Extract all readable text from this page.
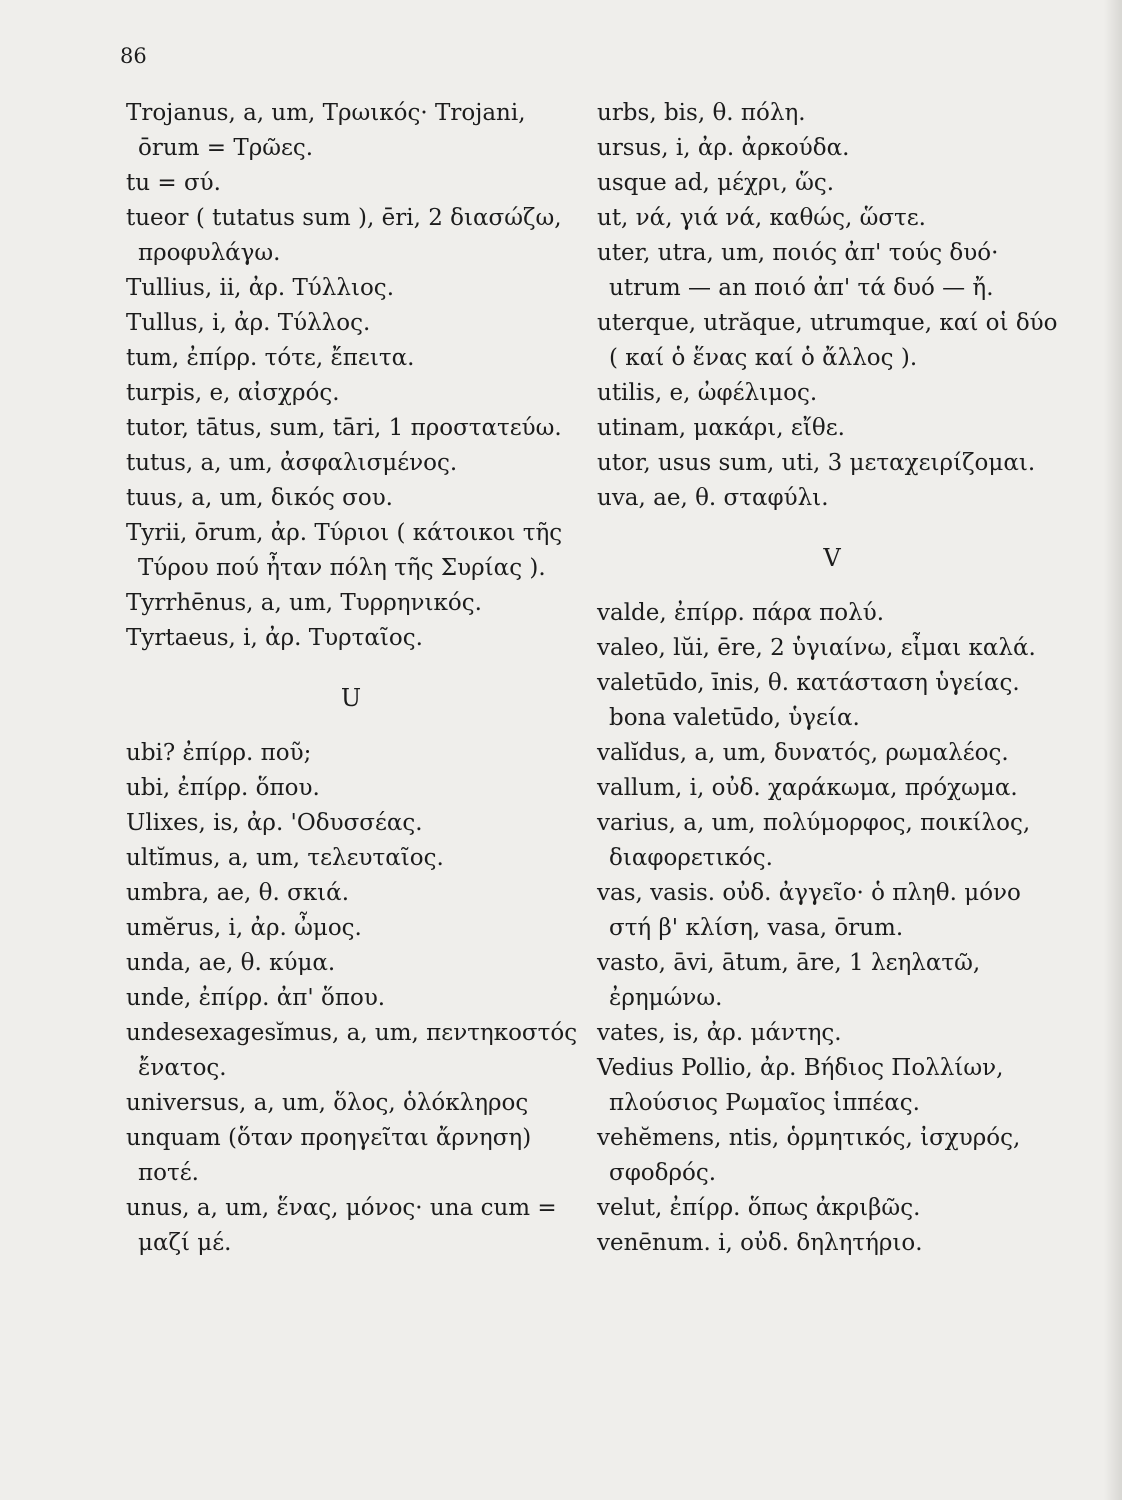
86
Trojanus, a, um, Τρωικός· Trojani, ōrum = Τρῶες.
tu = σύ.
tueor ( tutatus sum ), ēri, 2 διασώζω, προφυλάγω.
Tullius, ii, ἀρ. Τύλλιος.
Tullus, i, ἀρ. Τύλλος.
tum, ἐπίρρ. τότε, ἔπειτα.
turpis, e, αἰσχρός.
tutor, tātus, sum, tāri, 1 προστατεύω.
tutus, a, um, ἀσφαλισμένος.
tuus, a, um, δικός σου.
Tyrii, ōrum, ἀρ. Τύριοι ( κάτοικοι τῆς Τύρου πού ἦταν πόλη τῆς Συρίας ).
Tyrrhēnus, a, um, Τυρρηνικός.
Tyrtaeus, i, ἀρ. Τυρταῖος.
U
ubi? ἐπίρρ. ποῦ;
ubi, ἐπίρρ. ὅπου.
Ulixes, is, ἀρ. 'Οδυσσέας.
ultĭmus, a, um, τελευταῖος.
umbra, ae, θ. σκιά.
umĕrus, i, ἀρ. ὦμος.
unda, ae, θ. κύμα.
unde, ἐπίρρ. ἀπ' ὅπου.
undesexagesĭmus, a, um, πεντηκοστός ἔνατος.
universus, a, um, ὅλος, ὁλόκληρος
unquam (ὅταν προηγεῖται ἄρνηση) ποτέ.
unus, a, um, ἕνας, μόνος· una cum = μαζί μέ.
urbs, bis, θ. πόλη.
ursus, i, ἀρ. ἀρκούδα.
usque ad, μέχρι, ὥς.
ut, νά, γιά νά, καθώς, ὥστε.
uter, utra, um, ποιός ἀπ' τούς δυό· utrum — an ποιό ἀπ' τά δυό — ἤ.
uterque, utrăque, utrumque, καί οἱ δύο ( καί ὁ ἕνας καί ὁ ἄλλος ).
utilis, e, ὠφέλιμος.
utinam, μακάρι, εἴθε.
utor, usus sum, uti, 3 μεταχειρίζομαι.
uva, ae, θ. σταφύλι.
V
valde, ἐπίρρ. πάρα πολύ.
valeo, lŭi, ēre, 2 ὑγιαίνω, εἶμαι καλά.
valetūdo, īnis, θ. κατάσταση ὑγείας. bona valetūdo, ὑγεία.
valĭdus, a, um, δυνατός, ρωμαλέος.
vallum, i, οὐδ. χαράκωμα, πρόχωμα.
varius, a, um, πολύμορφος, ποικίλος, διαφορετικός.
vas, vasis. οὐδ. ἀγγεῖο· ὁ πληθ. μόνο στή β' κλίση, vasa, ōrum.
vasto, āvi, ātum, āre, 1 λεηλατῶ, ἐρημώνω.
vates, is, ἀρ. μάντης.
Vedius Pollio, ἀρ. Βήδιος Πολλίων, πλούσιος Ρωμαῖος ἱππέας.
vehĕmens, ntis, ὁρμητικός, ἰσχυρός, σφοδρός.
velut, ἐπίρρ. ὅπως ἀκριβῶς.
venēnum. i, οὐδ. δηλητήριο.
